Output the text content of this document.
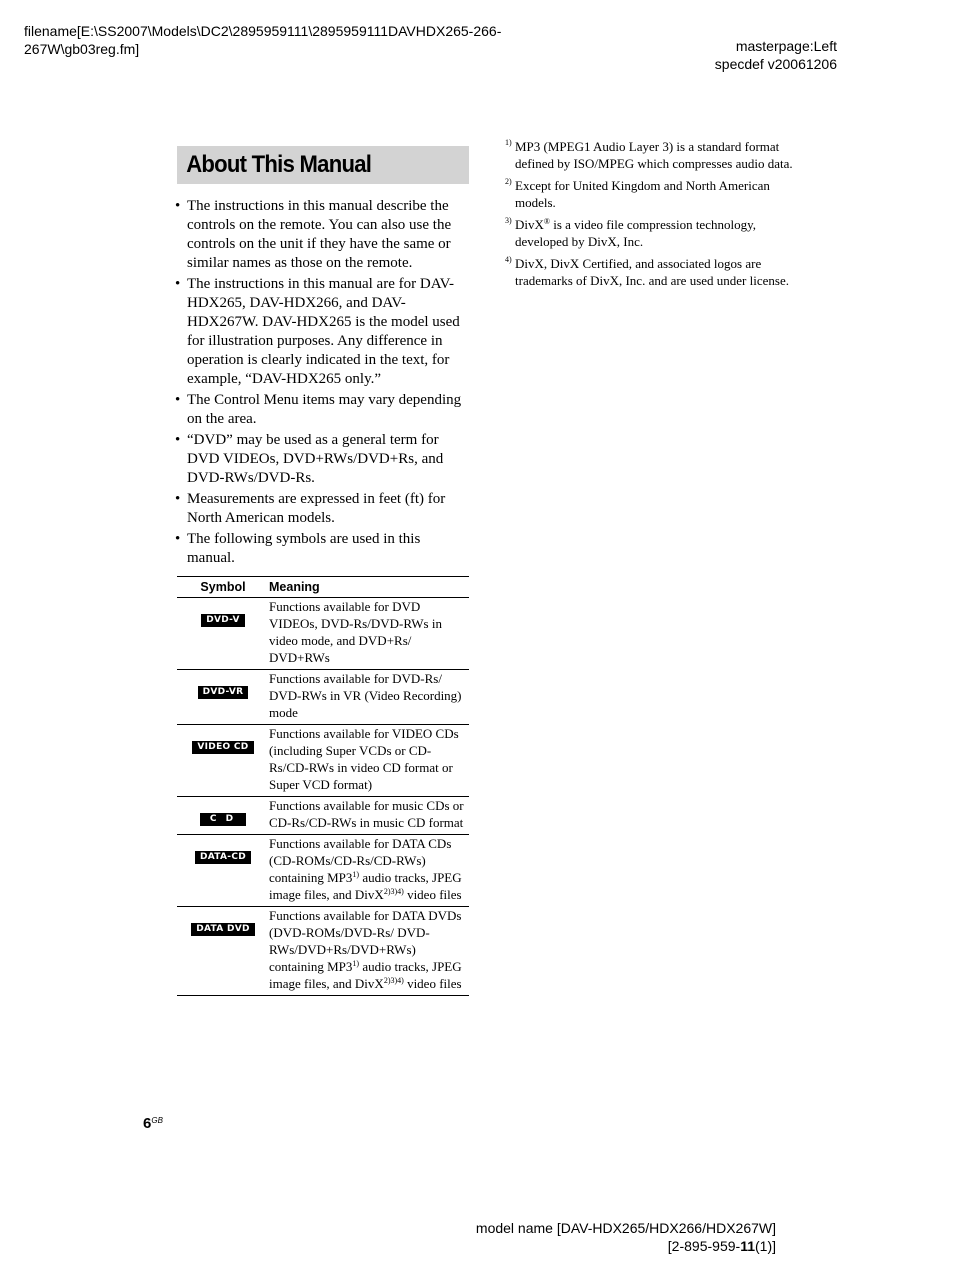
filename[E:\SS2007\Models\DC2\2895959111\2895959111DAVHDX265-266-
267W\gb03reg.fm]	masterpage:Left
specdef v20061206
About This Manual
• The instructions in this manual describe the controls on the remote. You can also use the controls on the unit if they have the same or similar names as those on the remote.
• The instructions in this manual are for DAV-HDX265, DAV-HDX266, and DAV-HDX267W. DAV-HDX265 is the model used for illustration purposes. Any difference in operation is clearly indicated in the text, for example, “DAV-HDX265 only.”
• The Control Menu items may vary depending on the area.
• “DVD” may be used as a general term for DVD VIDEOs, DVD+RWs/DVD+Rs, and DVD-RWs/DVD-Rs.
• Measurements are expressed in feet (ft) for North American models.
• The following symbols are used in this manual.
Symbol	Meaning
DVD-V	Functions available for DVD VIDEOs, DVD-Rs/DVD-RWs in video mode, and DVD+Rs/ DVD+RWs
DVD-VR	Functions available for DVD-Rs/ DVD-RWs in VR (Video Recording) mode
VIDEO CD	Functions available for VIDEO CDs (including Super VCDs or CD-Rs/CD-RWs in video CD format or Super VCD format)
C D	Functions available for music CDs or CD-Rs/CD-RWs in music CD format
DATA-CD	Functions available for DATA CDs (CD-ROMs/CD-Rs/CD-RWs) containing MP3$^{1)}$ audio tracks, JPEG image files, and DivX$^{2)3)4)}$ video files
DATA DVD	Functions available for DATA DVDs (DVD-ROMs/DVD-Rs/ DVD-RWs/DVD+Rs/DVD+RWs) containing MP3$^{1)}$ audio tracks, JPEG image files, and DivX$^{2)3)4)}$ video files
1) MP3 (MPEG1 Audio Layer 3) is a standard format defined by ISO/MPEG which compresses audio data.
2) Except for United Kingdom and North American models.
3) DivX® is a video file compression technology, developed by DivX, Inc.
4) DivX, DivX Certified, and associated logos are trademarks of DivX, Inc. and are used under license.
$6^{GB}$
model name [DAV-HDX265/HDX266/HDX267W]
[2-895-959-11(1)]
